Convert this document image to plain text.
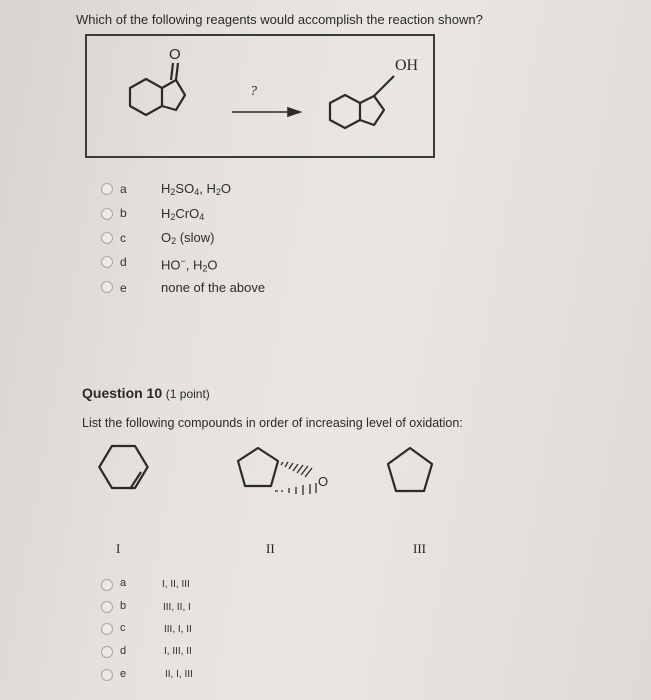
Which of the following reagents would accomplish the reaction shown?
O
?
OH
a	$H_2SO_4$, $H_2O$
b	$H_2CrO_4$
c	$O_2$ (slow)
d	HO−, $H_2O$
e	none of the above
Question 10 (1 point)
List the following compounds in order of increasing level of oxidation:
O
I	II	III
a	I, II, III
b	III, II, I
c	III, I, II
d	I, III, II
e	II, I, III
